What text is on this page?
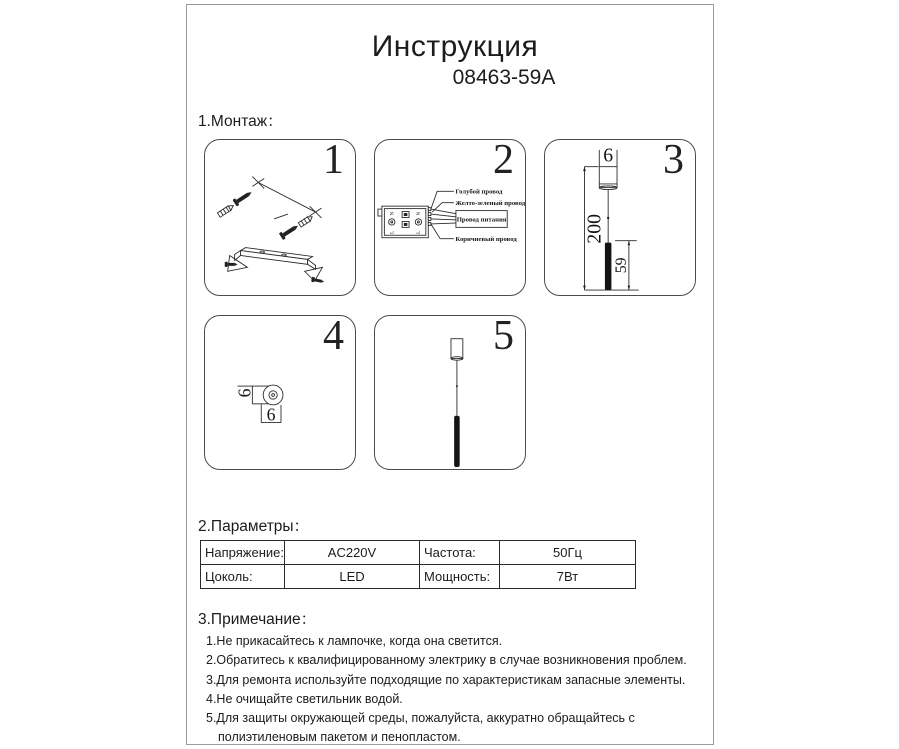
Инструкция
08463-59A
1.Монтаж：
1
N
L
N
L
Провод питания
Голубой провод
Желто-зеленый провод
Коричневый провод
2	6
200
59
3
6
6
4	5
2.Параметры：
Напряжение:	AC220V	Частота:	50Гц
Цоколь:	LED	Мощность:	7Вт
3.Примечание：
1.Не прикасайтесь к лампочке, когда она светится.
2.Обратитесь к квалифицированному электрику в случае возникновения проблем.
3.Для ремонта используйте подходящие по характеристикам запасные элементы.
4.Не очищайте светильник водой.
5.Для защиты окружающей среды, пожалуйста, аккуратно обращайтесь с
полиэтиленовым пакетом и пенопластом.
